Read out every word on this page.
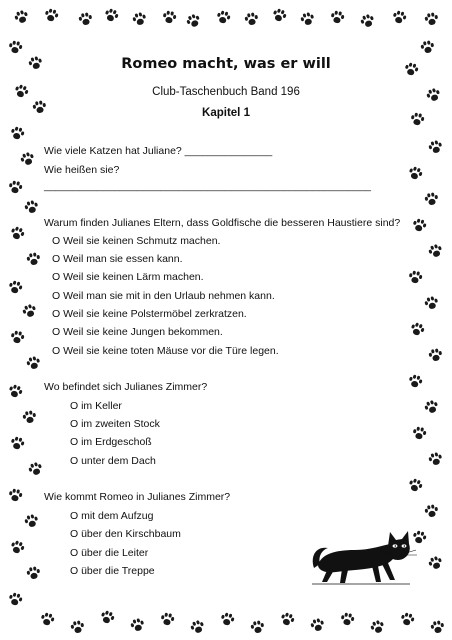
Romeo macht, was er will
Club-Taschenbuch Band 196
Kapitel 1
Wie viele Katzen hat Juliane? _______________
Wie heißen sie?
________________________________________________________
Warum finden Julianes Eltern, dass Goldfische die besseren Haustiere sind?
O Weil sie keinen Schmutz machen.
O Weil man sie essen kann.
O Weil sie keinen Lärm machen.
O Weil man sie mit in den Urlaub nehmen kann.
O Weil sie keine Polstermöbel zerkratzen.
O Weil sie keine Jungen bekommen.
O Weil sie keine toten Mäuse vor die Türe legen.
Wo befindet sich Julianes Zimmer?
O im Keller
O im zweiten Stock
O im Erdgeschoß
O unter dem Dach
Wie kommt Romeo in Julianes Zimmer?
O mit dem Aufzug
O über den Kirschbaum
O über die Leiter
O über die Treppe
